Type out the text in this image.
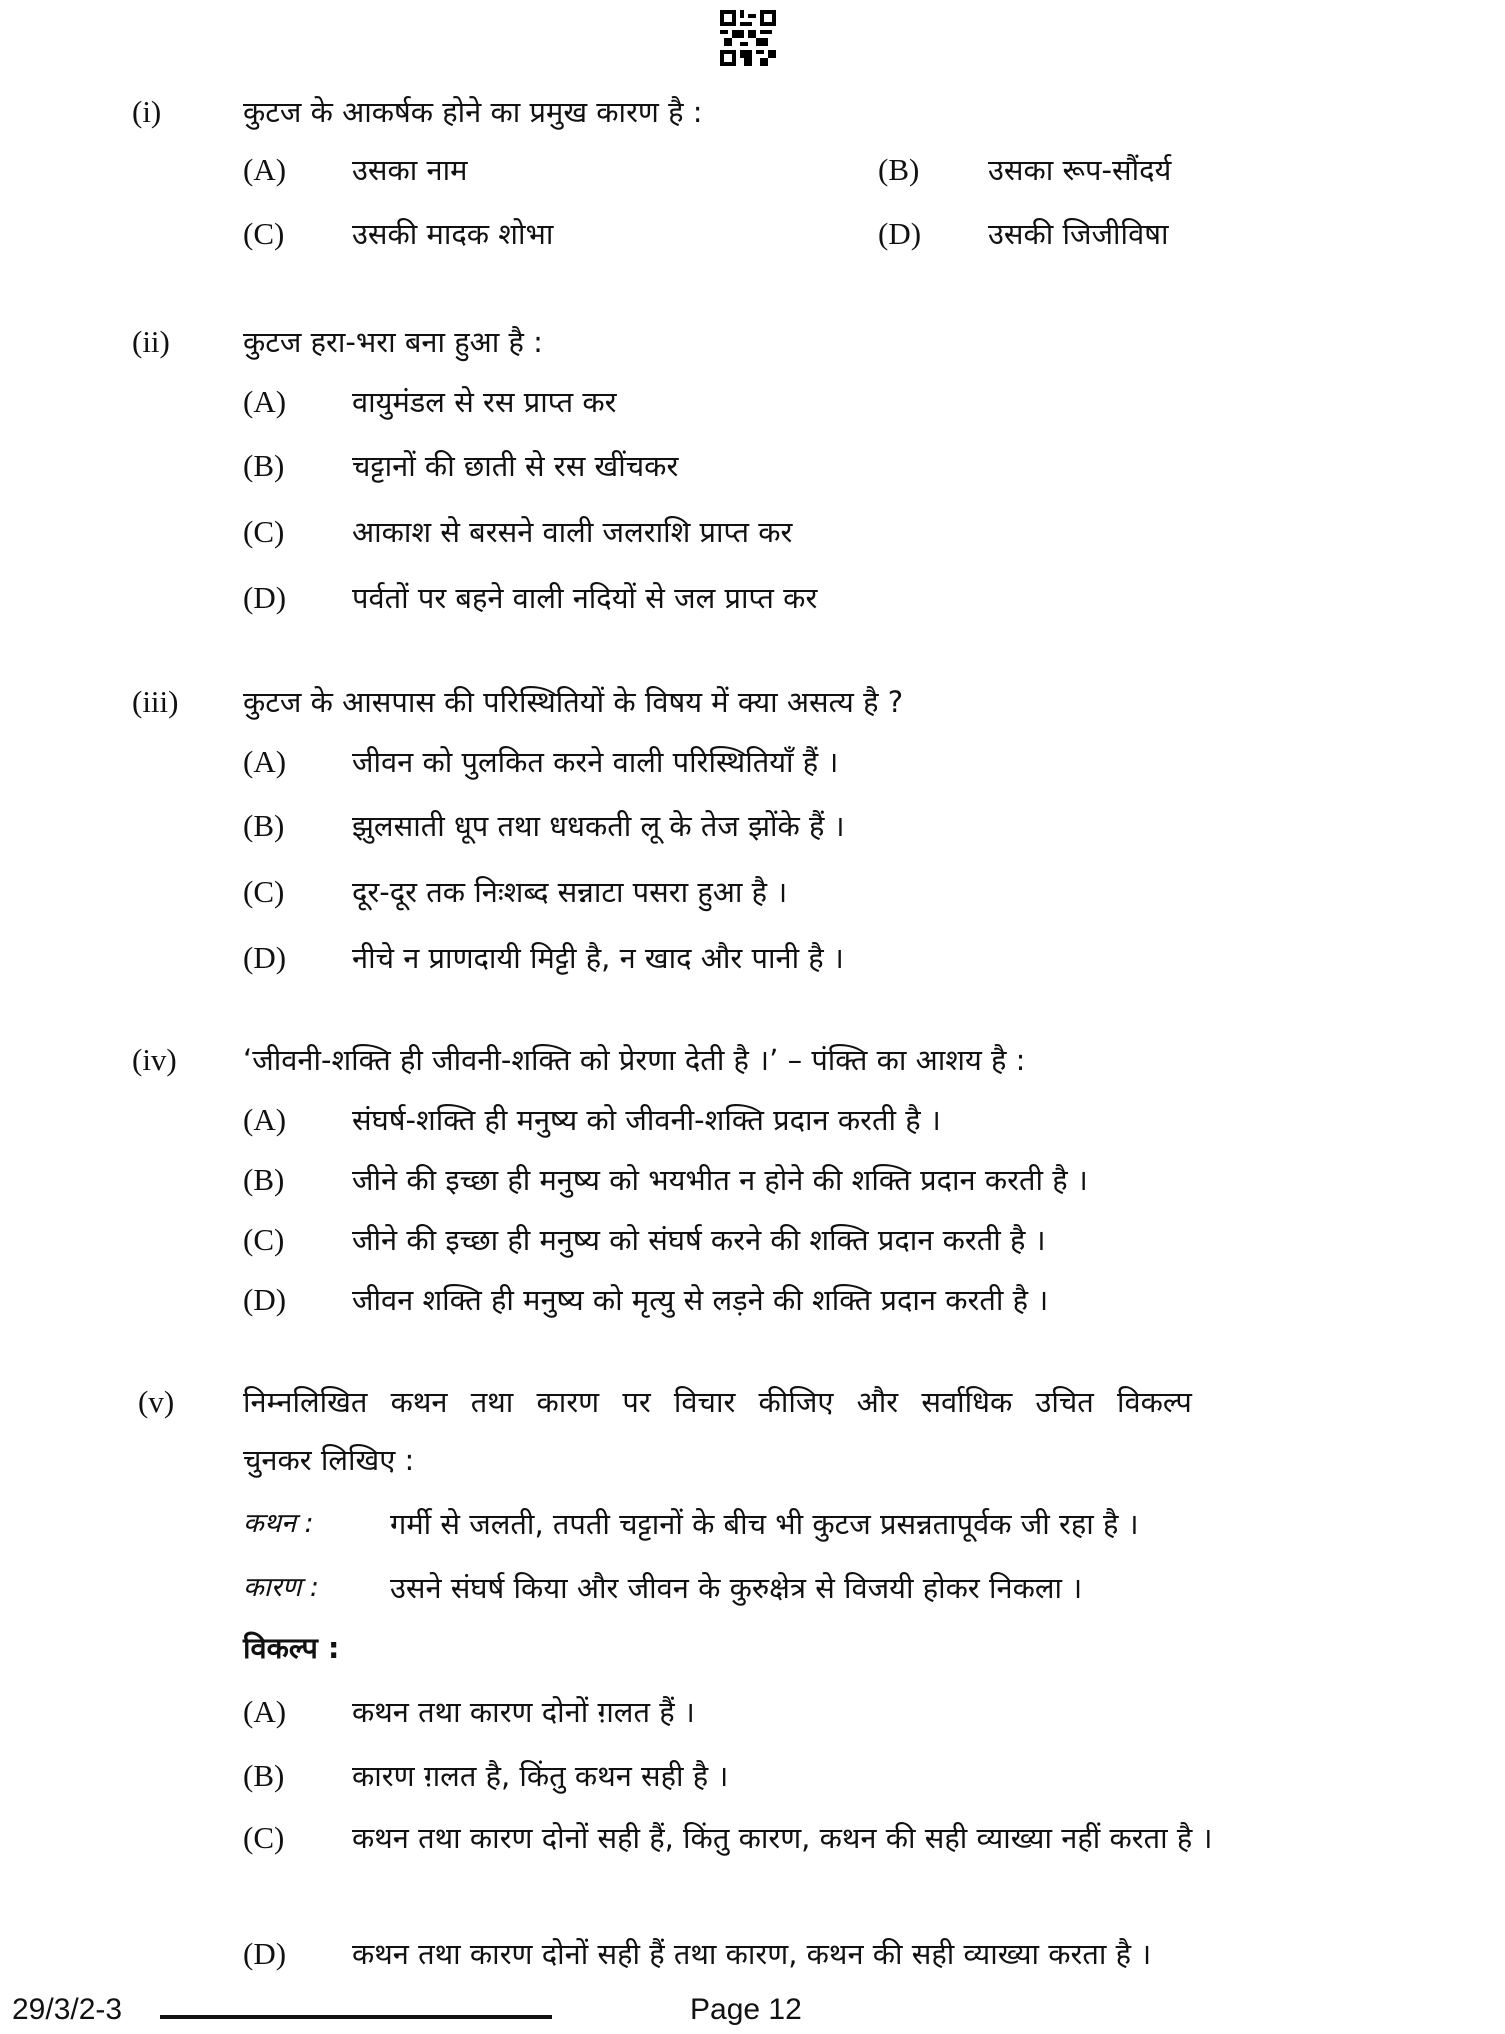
(i)	कुटज के आकर्षक होने का प्रमुख कारण है :
(A) उसका नाम	(B) उसका रूप-सौंदर्य
(C) उसकी मादक शोभा	(D) उसकी जिजीविषा
(ii)	कुटज हरा-भरा बना हुआ है :
(A) वायुमंडल से रस प्राप्त कर
(B) चट्टानों की छाती से रस खींचकर
(C) आकाश से बरसने वाली जलराशि प्राप्त कर
(D) पर्वतों पर बहने वाली नदियों से जल प्राप्त कर
(iii) कुटज के आसपास की परिस्थितियों के विषय में क्या असत्य है ?
(A) जीवन को पुलकित करने वाली परिस्थितियाँ हैं ।
(B) झुलसाती धूप तथा धधकती लू के तेज झोंके हैं ।
(C) दूर-दूर तक निःशब्द सन्नाटा पसरा हुआ है ।
(D) नीचे न प्राणदायी मिट्टी है, न खाद और पानी है ।
(iv) ‘जीवनी-शक्ति ही जीवनी-शक्ति को प्रेरणा देती है ।’ – पंक्ति का आशय है :
(A) संघर्ष-शक्ति ही मनुष्य को जीवनी-शक्ति प्रदान करती है ।
(B) जीने की इच्छा ही मनुष्य को भयभीत न होने की शक्ति प्रदान करती है ।
(C) जीने की इच्छा ही मनुष्य को संघर्ष करने की शक्ति प्रदान करती है ।
(D) जीवन शक्ति ही मनुष्य को मृत्यु से लड़ने की शक्ति प्रदान करती है ।
(v) निम्नलिखित कथन तथा कारण पर विचार कीजिए और सर्वाधिक उचित विकल्प
चुनकर लिखिए :
कथन :	गर्मी से जलती, तपती चट्टानों के बीच भी कुटज प्रसन्नतापूर्वक जी रहा है ।
कारण : उसने संघर्ष किया और जीवन के कुरुक्षेत्र से विजयी होकर निकला ।
विकल्प :
(A) कथन तथा कारण दोनों ग़लत हैं ।
(B) कारण ग़लत है, किंतु कथन सही है ।
(C) कथन तथा कारण दोनों सही हैं, किंतु कारण, कथन की सही व्याख्या नहीं करता है ।
(D) कथन तथा कारण दोनों सही हैं तथा कारण, कथन की सही व्याख्या करता है ।
29/3/2-3	Page 12
